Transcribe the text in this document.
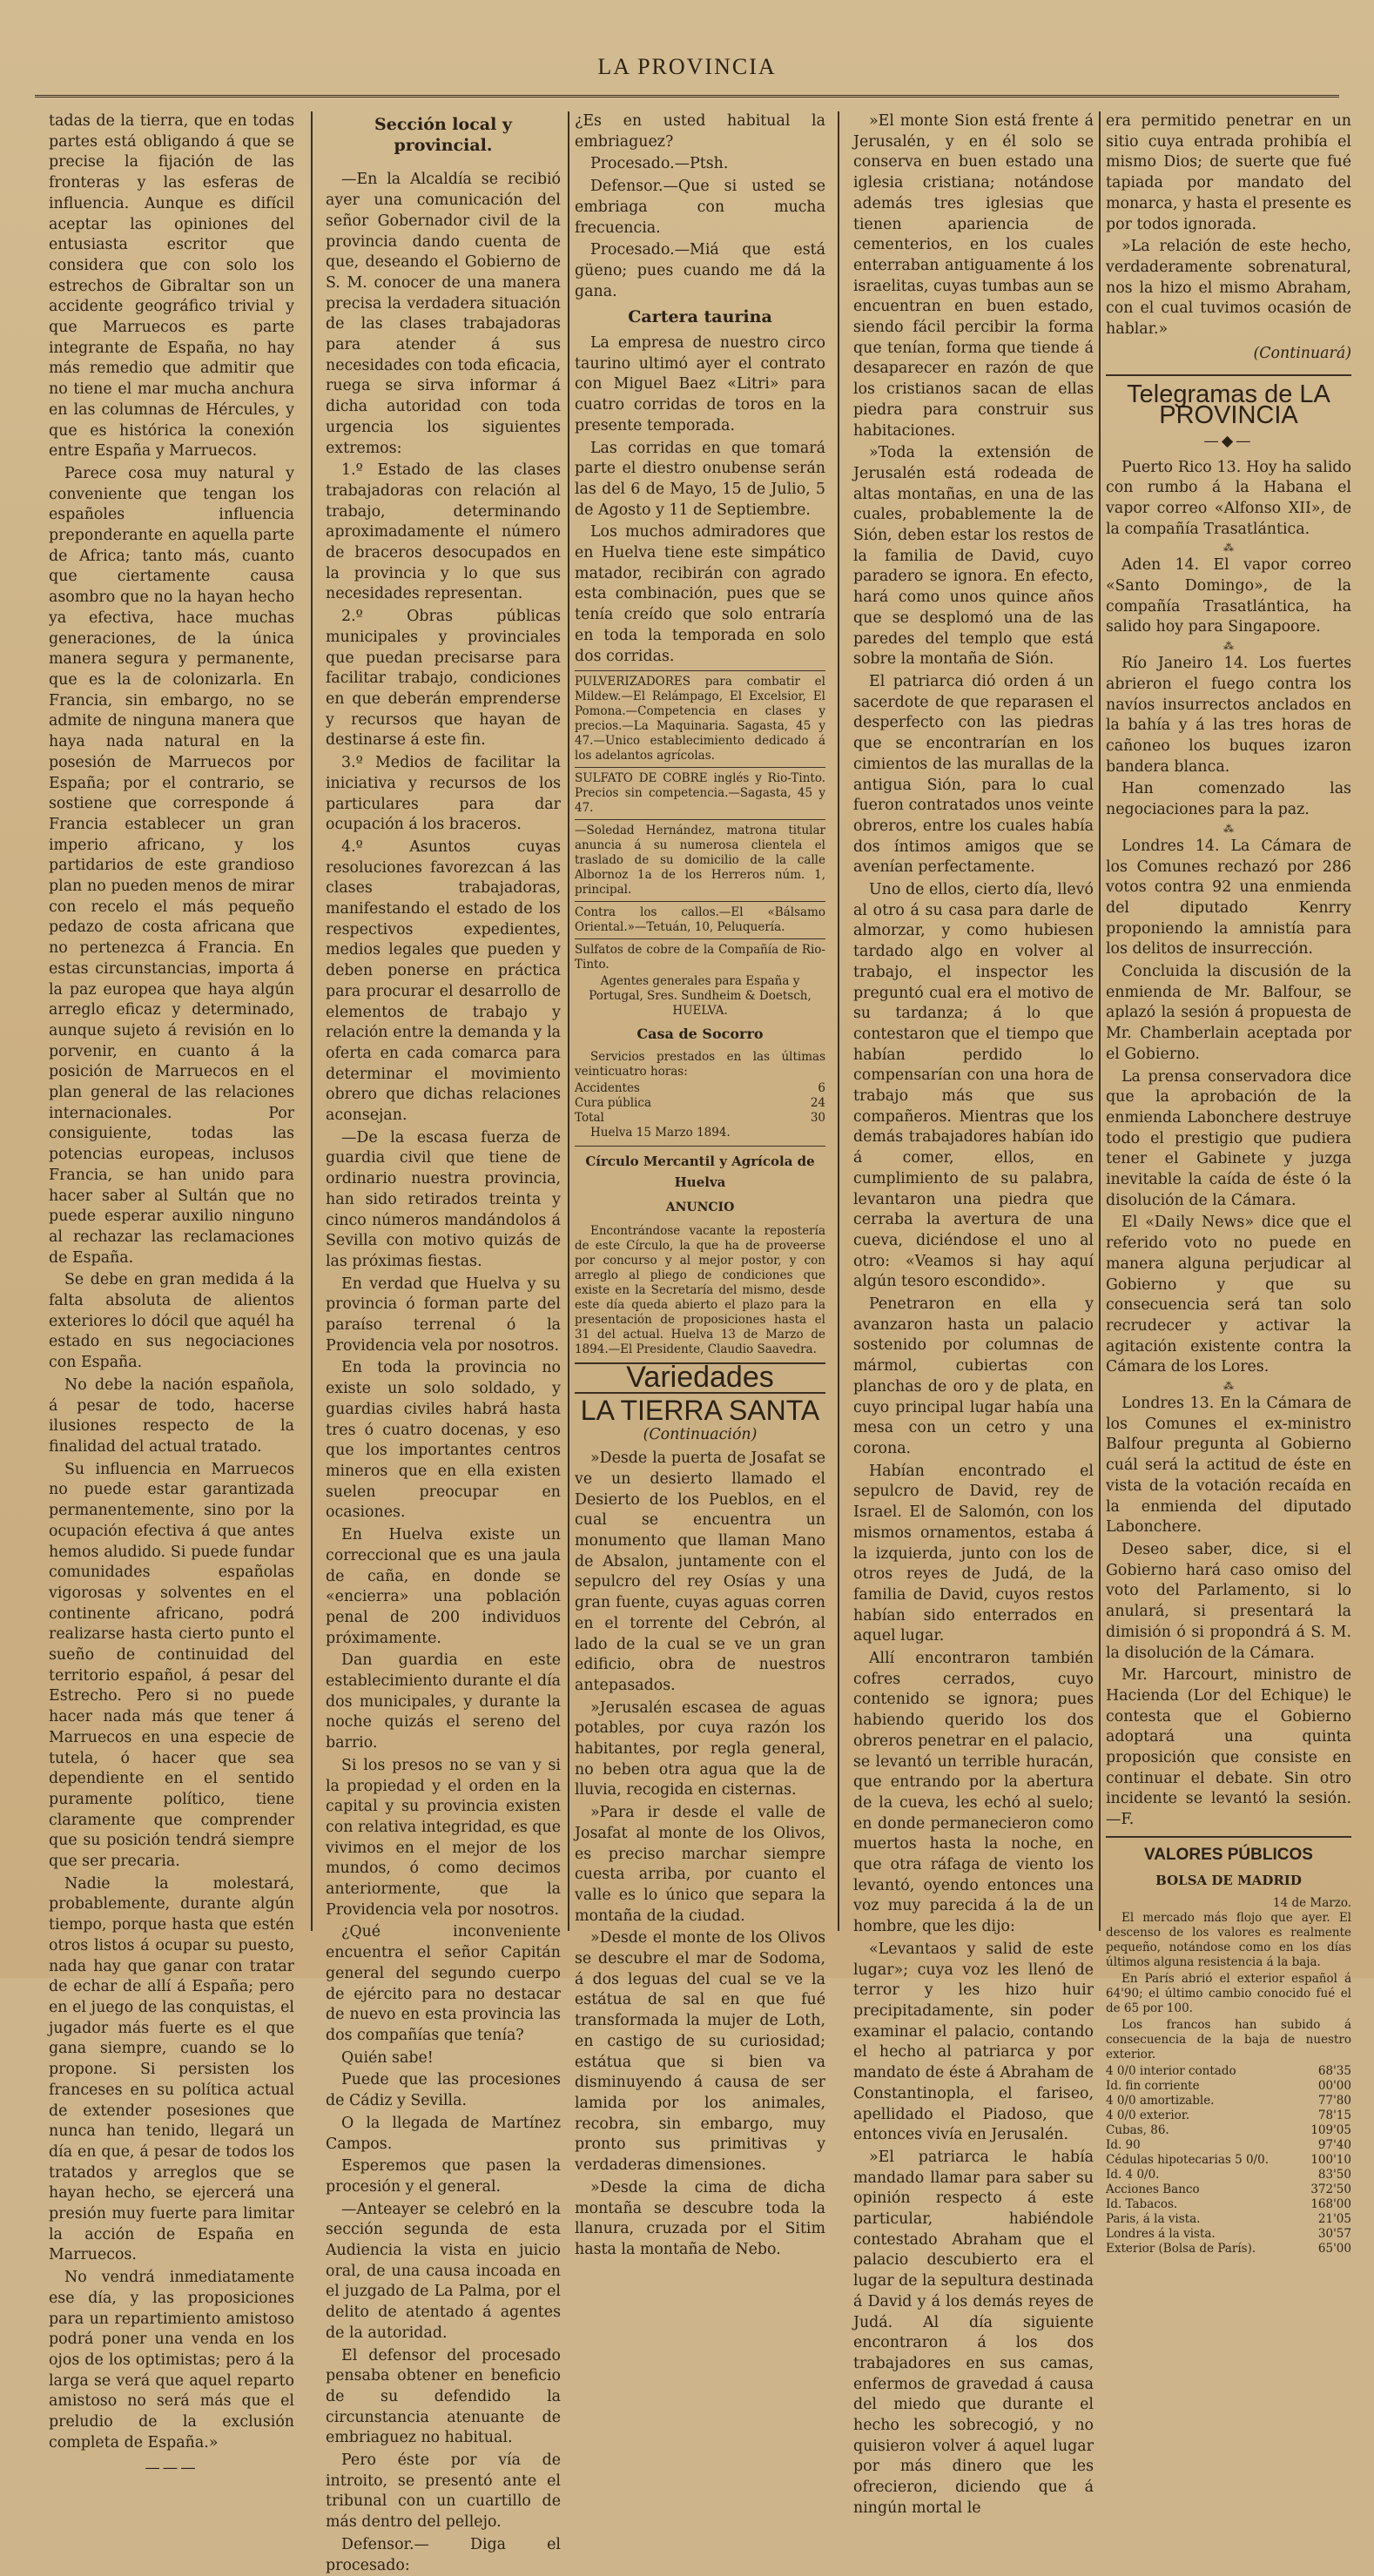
LA PROVINCIA

tadas de la tierra, que en todas partes está obligando á que se precise la fijación de las fronteras y las esferas de influencia. Aunque es difícil aceptar las opiniones del entusiasta escritor que considera que con solo los estrechos de Gibraltar son un accidente geográfico trivial y que Marruecos es parte integrante de España, no hay más remedio que admitir que no tiene el mar mucha anchura en las columnas de Hércules, y que es histórica la conexión entre España y Marruecos.

Parece cosa muy natural y conveniente que tengan los españoles influencia preponderante en aquella parte de Africa; tanto más, cuanto que ciertamente causa asombro que no la hayan hecho ya efectiva, hace muchas generaciones, de la única manera segura y permanente, que es la de colonizarla. En Francia, sin embargo, no se admite de ninguna manera que haya nada natural en la posesión de Marruecos por España; por el contrario, se sostiene que corresponde á Francia establecer un gran imperio africano, y los partidarios de este grandioso plan no pueden menos de mirar con recelo el más pequeño pedazo de costa africana que no pertenezca á Francia. En estas circunstancias, importa á la paz europea que haya algún arreglo eficaz y determinado, aunque sujeto á revisión en lo porvenir, en cuanto á la posición de Marruecos en el plan general de las relaciones internacionales. Por consiguiente, todas las potencias europeas, inclusos Francia, se han unido para hacer saber al Sultán que no puede esperar auxilio ninguno al rechazar las reclamaciones de España.

Se debe en gran medida á la falta absoluta de alientos exteriores lo dócil que aquél ha estado en sus negociaciones con España.

No debe la nación española, á pesar de todo, hacerse ilusiones respecto de la finalidad del actual tratado.

Su influencia en Marruecos no puede estar garantizada permanentemente, sino por la ocupación efectiva á que antes hemos aludido. Si puede fundar comunidades españolas vigorosas y solventes en el continente africano, podrá realizarse hasta cierto punto el sueño de continuidad del territorio español, á pesar del Estrecho. Pero si no puede hacer nada más que tener á Marruecos en una especie de tutela, ó hacer que sea dependiente en el sentido puramente político, tiene claramente que comprender que su posición tendrá siempre que ser precaria.

Nadie la molestará, probablemente, durante algún tiempo, porque hasta que estén otros listos á ocupar su puesto, nada hay que ganar con tratar de echar de allí á España; pero en el juego de las conquistas, el jugador más fuerte es el que gana siempre, cuando se lo propone. Si persisten los franceses en su política actual de extender posesiones que nunca han tenido, llegará un día en que, á pesar de todos los tratados y arreglos que se hayan hecho, se ejercerá una presión muy fuerte para limitar la acción de España en Marruecos.

No vendrá inmediatamente ese día, y las proposiciones para un repartimiento amistoso podrá poner una venda en los ojos de los optimistas; pero á la larga se verá que aquel reparto amistoso no será más que el preludio de la exclusión completa de España.»

———
Sección local y provincial.

—En la Alcaldía se recibió ayer una comunicación del señor Gobernador civil de la provincia dando cuenta de que, deseando el Gobierno de S. M. conocer de una manera precisa la verdadera situación de las clases trabajadoras para atender á sus necesidades con toda eficacia, ruega se sirva informar á dicha autoridad con toda urgencia los siguientes extremos:

1.º Estado de las clases trabajadoras con relación al trabajo, determinando aproximadamente el número de braceros desocupados en la provincia y lo que sus necesidades representan.

2.º Obras públicas municipales y provinciales que puedan precisarse para facilitar trabajo, condiciones en que deberán emprenderse y recursos que hayan de destinarse á este fin.

3.º Medios de facilitar la iniciativa y recursos de los particulares para dar ocupación á los braceros.

4.º Asuntos cuyas resoluciones favorezcan á las clases trabajadoras, manifestando el estado de los respectivos expedientes, medios legales que pueden y deben ponerse en práctica para procurar el desarrollo de elementos de trabajo y relación entre la demanda y la oferta en cada comarca para determinar el movimiento obrero que dichas relaciones aconsejan.

—De la escasa fuerza de guardia civil que tiene de ordinario nuestra provincia, han sido retirados treinta y cinco números mandándolos á Sevilla con motivo quizás de las próximas fiestas.

En verdad que Huelva y su provincia ó forman parte del paraíso terrenal ó la Providencia vela por nosotros.

En toda la provincia no existe un solo soldado, y guardias civiles habrá hasta tres ó cuatro docenas, y eso que los importantes centros mineros que en ella existen suelen preocupar en ocasiones.

En Huelva existe un correccional que es una jaula de caña, en donde se «encierra» una población penal de 200 individuos próximamente.

Dan guardia en este establecimiento durante el día dos municipales, y durante la noche quizás el sereno del barrio.

Si los presos no se van y si la propiedad y el orden en la capital y su provincia existen con relativa integridad, es que vivimos en el mejor de los mundos, ó como decimos anteriormente, que la Providencia vela por nosotros.

¿Qué inconveniente encuentra el señor Capitán general del segundo cuerpo de ejército para no destacar de nuevo en esta provincia las dos compañías que tenía?

Quién sabe!

Puede que las procesiones de Cádiz y Sevilla.

O la llegada de Martínez Campos.

Esperemos que pasen la procesión y el general.

—Anteayer se celebró en la sección segunda de esta Audiencia la vista en juicio oral, de una causa incoada en el juzgado de La Palma, por el delito de atentado á agentes de la autoridad.

El defensor del procesado pensaba obtener en beneficio de su defendido la circunstancia atenuante de embriaguez no habitual.

Pero éste por vía de introito, se presentó ante el tribunal con un cuartillo de más dentro del pellejo.

Defensor.— Diga el procesado:

¿Es en usted habitual la embriaguez?

Procesado.—Ptsh.

Defensor.—Que si usted se embriaga con mucha frecuencia.

Procesado.—Miá que está güeno; pues cuando me dá la gana.

Cartera taurina

La empresa de nuestro circo taurino ultimó ayer el contrato con Miguel Baez «Litri» para cuatro corridas de toros en la presente temporada.

Las corridas en que tomará parte el diestro onubense serán las del 6 de Mayo, 15 de Julio, 5 de Agosto y 11 de Septiembre.

Los muchos admiradores que en Huelva tiene este simpático matador, recibirán con agrado esta combinación, pues que se tenía creído que solo entraría en toda la temporada en solo dos corridas.

PULVERIZADORES para combatir el Mildew.—El Relámpago, El Excelsior, El Pomona.—Competencia en clases y precios.—La Maquinaria. Sagasta, 45 y 47.—Unico establecimiento dedicado á los adelantos agrícolas.

SULFATO DE COBRE inglés y Rio-Tinto. Precios sin competencia.—Sagasta, 45 y 47.

—Soledad Hernández, matrona titular anuncia á su numerosa clientela el traslado de su domicilio de la calle Albornoz 1a de los Herreros núm. 1, principal.

Contra los callos.—El «Bálsamo Oriental.»—Tetuán, 10, Peluquería.

Sulfatos de cobre de la Compañía de Rio-Tinto.

Agentes generales para España y Portugal, Sres. Sundheim & Doetsch, HUELVA.

Casa de Socorro

Servicios prestados en las últimas veinticuatro horas:

Accidentes	6
Cura pública	24
Total	30

Huelva 15 Marzo 1894.

Círculo Mercantil y Agrícola de Huelva
ANUNCIO

Encontrándose vacante la repostería de este Círculo, la que ha de proveerse por concurso y al mejor postor, y con arreglo al pliego de condiciones que existe en la Secretaría del mismo, desde este día queda abierto el plazo para la presentación de proposiciones hasta el 31 del actual. Huelva 13 de Marzo de 1894.—El Presidente, Claudio Saavedra.

Variedades
LA TIERRA SANTA
(Continuación)

»Desde la puerta de Josafat se ve un desierto llamado el Desierto de los Pueblos, en el cual se encuentra un monumento que llaman Mano de Absalon, juntamente con el sepulcro del rey Osías y una gran fuente, cuyas aguas corren en el torrente del Cebrón, al lado de la cual se ve un gran edificio, obra de nuestros antepasados.

»Jerusalén escasea de aguas potables, por cuya razón los habitantes, por regla general, no beben otra agua que la de lluvia, recogida en cisternas.

»Para ir desde el valle de Josafat al monte de los Olivos, es preciso marchar siempre cuesta arriba, por cuanto el valle es lo único que separa la montaña de la ciudad.

»Desde el monte de los Olivos se descubre el mar de Sodoma, á dos leguas del cual se ve la estátua de sal en que fué transformada la mujer de Loth, en castigo de su curiosidad; estátua que si bien va disminuyendo á causa de ser lamida por los animales, recobra, sin embargo, muy pronto sus primitivas y verdaderas dimensiones.

»Desde la cima de dicha montaña se descubre toda la llanura, cruzada por el Sitim hasta la montaña de Nebo.

»El monte Sion está frente á Jerusalén, y en él solo se conserva en buen estado una iglesia cristiana; notándose además tres iglesias que tienen apariencia de cementerios, en los cuales enterraban antiguamente á los israelitas, cuyas tumbas aun se encuentran en buen estado, siendo fácil percibir la forma que tenían, forma que tiende á desaparecer en razón de que los cristianos sacan de ellas piedra para construir sus habitaciones.

»Toda la extensión de Jerusalén está rodeada de altas montañas, en una de las cuales, probablemente la de Sión, deben estar los restos de la familia de David, cuyo paradero se ignora. En efecto, hará como unos quince años que se desplomó una de las paredes del templo que está sobre la montaña de Sión.

El patriarca dió orden á un sacerdote de que reparasen el desperfecto con las piedras que se encontrarían en los cimientos de las murallas de la antigua Sión, para lo cual fueron contratados unos veinte obreros, entre los cuales había dos íntimos amigos que se avenían perfectamente.

Uno de ellos, cierto día, llevó al otro á su casa para darle de almorzar, y como hubiesen tardado algo en volver al trabajo, el inspector les preguntó cual era el motivo de su tardanza; á lo que contestaron que el tiempo que habían perdido lo compensarían con una hora de trabajo más que sus compañeros. Mientras que los demás trabajadores habían ido á comer, ellos, en cumplimiento de su palabra, levantaron una piedra que cerraba la avertura de una cueva, diciéndose el uno al otro: «Veamos si hay aquí algún tesoro escondido».

Penetraron en ella y avanzaron hasta un palacio sostenido por columnas de mármol, cubiertas con planchas de oro y de plata, en cuyo principal lugar había una mesa con un cetro y una corona.

Habían encontrado el sepulcro de David, rey de Israel. El de Salomón, con los mismos ornamentos, estaba á la izquierda, junto con los de otros reyes de Judá, de la familia de David, cuyos restos habían sido enterrados en aquel lugar.

Allí encontraron también cofres cerrados, cuyo contenido se ignora; pues habiendo querido los dos obreros penetrar en el palacio, se levantó un terrible huracán, que entrando por la abertura de la cueva, les echó al suelo; en donde permanecieron como muertos hasta la noche, en que otra ráfaga de viento los levantó, oyendo entonces una voz muy parecida á la de un hombre, que les dijo:

«Levantaos y salid de este lugar»; cuya voz les llenó de terror y les hizo huir precipitadamente, sin poder examinar el palacio, contando el hecho al patriarca y por mandato de éste á Abraham de Constantinopla, el fariseo, apellidado el Piadoso, que entonces vivía en Jerusalén.

»El patriarca le había mandado llamar para saber su opinión respecto á este particular, habiéndole contestado Abraham que el palacio descubierto era el lugar de la sepultura destinada á David y á los demás reyes de Judá. Al día siguiente encontraron á los dos trabajadores en sus camas, enfermos de gravedad á causa del miedo que durante el hecho les sobrecogió, y no quisieron volver á aquel lugar por más dinero que les ofrecieron, diciendo que á ningún mortal le

era permitido penetrar en un sitio cuya entrada prohibía el mismo Dios; de suerte que fué tapiada por mandato del monarca, y hasta el presente es por todos ignorada.

»La relación de este hecho, verdaderamente sobrenatural, nos la hizo el mismo Abraham, con el cual tuvimos ocasión de hablar.»

(Continuará)
Telegramas de LA PROVINCIA
—◆—

Puerto Rico 13. Hoy ha salido con rumbo á la Habana el vapor correo «Alfonso XII», de la compañía Trasatlántica.

⁂

Aden 14. El vapor correo «Santo Domingo», de la compañía Trasatlántica, ha salido hoy para Singapoore.

⁂

Río Janeiro 14. Los fuertes abrieron el fuego contra los navíos insurrectos anclados en la bahía y á las tres horas de cañoneo los buques izaron bandera blanca.

Han comenzado las negociaciones para la paz.

⁂

Londres 14. La Cámara de los Comunes rechazó por 286 votos contra 92 una enmienda del diputado Kenrry proponiendo la amnistía para los delitos de insurrección.

Concluida la discusión de la enmienda de Mr. Balfour, se aplazó la sesión á propuesta de Mr. Chamberlain aceptada por el Gobierno.

La prensa conservadora dice que la aprobación de la enmienda Labonchere destruye todo el prestigio que pudiera tener el Gabinete y juzga inevitable la caída de éste ó la disolución de la Cámara.

El «Daily News» dice que el referido voto no puede en manera alguna perjudicar al Gobierno y que su consecuencia será tan solo recrudecer y activar la agitación existente contra la Cámara de los Lores.

⁂

Londres 13. En la Cámara de los Comunes el ex-ministro Balfour pregunta al Gobierno cuál será la actitud de éste en vista de la votación recaída en la enmienda del diputado Labonchere.

Deseo saber, dice, si el Gobierno hará caso omiso del voto del Parlamento, si lo anulará, si presentará la dimisión ó si propondrá á S. M. la disolución de la Cámara.

Mr. Harcourt, ministro de Hacienda (Lor del Echique) le contesta que el Gobierno adoptará una quinta proposición que consiste en continuar el debate. Sin otro incidente se levantó la sesión.—F.

VALORES PÚBLICOS
BOLSA DE MADRID
14 de Marzo.

El mercado más flojo que ayer. El descenso de los valores es realmente pequeño, notándose como en los días últimos alguna resistencia á la baja.

En París abrió el exterior español á 64'90; el último cambio conocido fué el de 65 por 100.

Los francos han subido á consecuencia de la baja de nuestro exterior.

4 0/0 interior contado	68'35
Id. fin corriente	00'00
4 0/0 amortizable.	77'80
4 0/0 exterior.	78'15
Cubas, 86.	109'05
Id. 90	97'40
Cédulas hipotecarias 5 0/0.	100'10
Id. 4 0/0.	83'50
Acciones Banco	372'50
Id. Tabacos.	168'00
Paris, á la vista.	21'05
Londres á la vista.	30'57
Exterior (Bolsa de París).	65'00
